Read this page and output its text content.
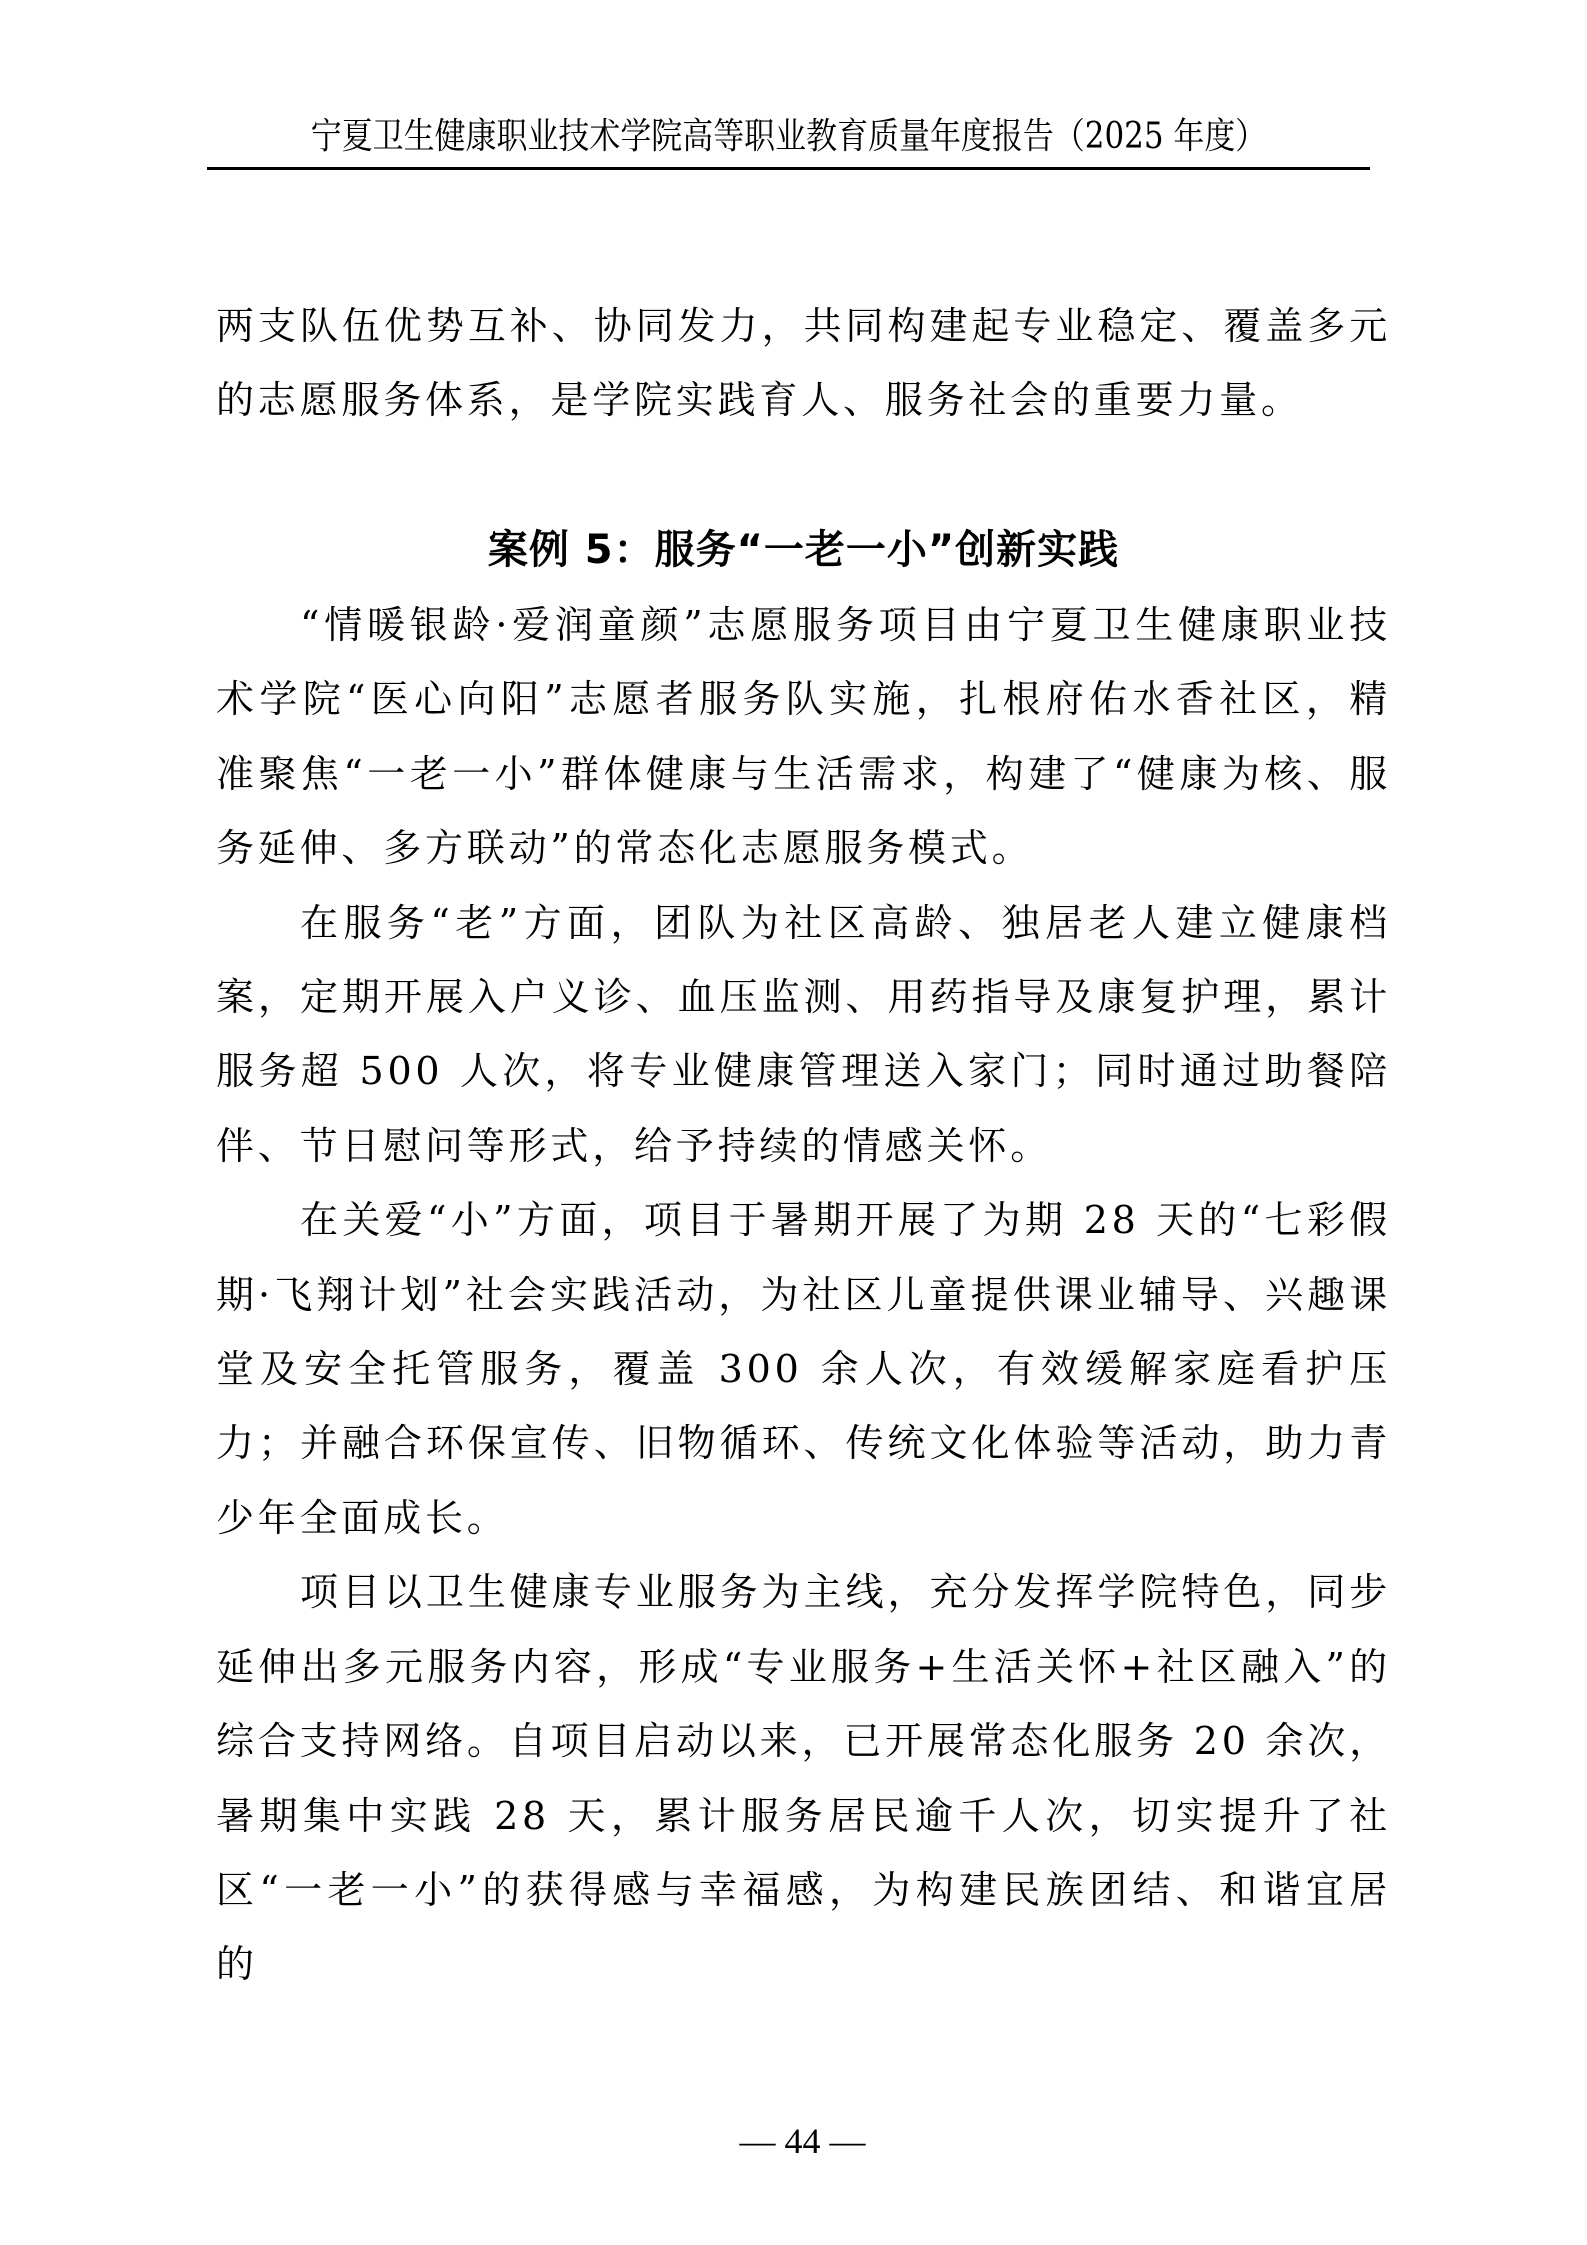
宁夏卫生健康职业技术学院高等职业教育质量年度报告（2025 年度）

两支队伍优势互补、协同发力，共同构建起专业稳定、覆盖多元的志愿服务体系，是学院实践育人、服务社会的重要力量。

案例 5：服务“一老一小”创新实践

“情暖银龄·爱润童颜”志愿服务项目由宁夏卫生健康职业技术学院“医心向阳”志愿者服务队实施，扎根府佑水香社区，精准聚焦“一老一小”群体健康与生活需求，构建了“健康为核、服务延伸、多方联动”的常态化志愿服务模式。

在服务“老”方面，团队为社区高龄、独居老人建立健康档案，定期开展入户义诊、血压监测、用药指导及康复护理，累计服务超 500 人次，将专业健康管理送入家门；同时通过助餐陪伴、节日慰问等形式，给予持续的情感关怀。

在关爱“小”方面，项目于暑期开展了为期 28 天的“七彩假期·飞翔计划”社会实践活动，为社区儿童提供课业辅导、兴趣课堂及安全托管服务，覆盖 300 余人次，有效缓解家庭看护压力；并融合环保宣传、旧物循环、传统文化体验等活动，助力青少年全面成长。

项目以卫生健康专业服务为主线，充分发挥学院特色，同步延伸出多元服务内容，形成“专业服务+生活关怀+社区融入”的综合支持网络。自项目启动以来，已开展常态化服务 20 余次，暑期集中实践 28 天，累计服务居民逾千人次，切实提升了社区“一老一小”的获得感与幸福感，为构建民族团结、和谐宜居的

— 44 —
